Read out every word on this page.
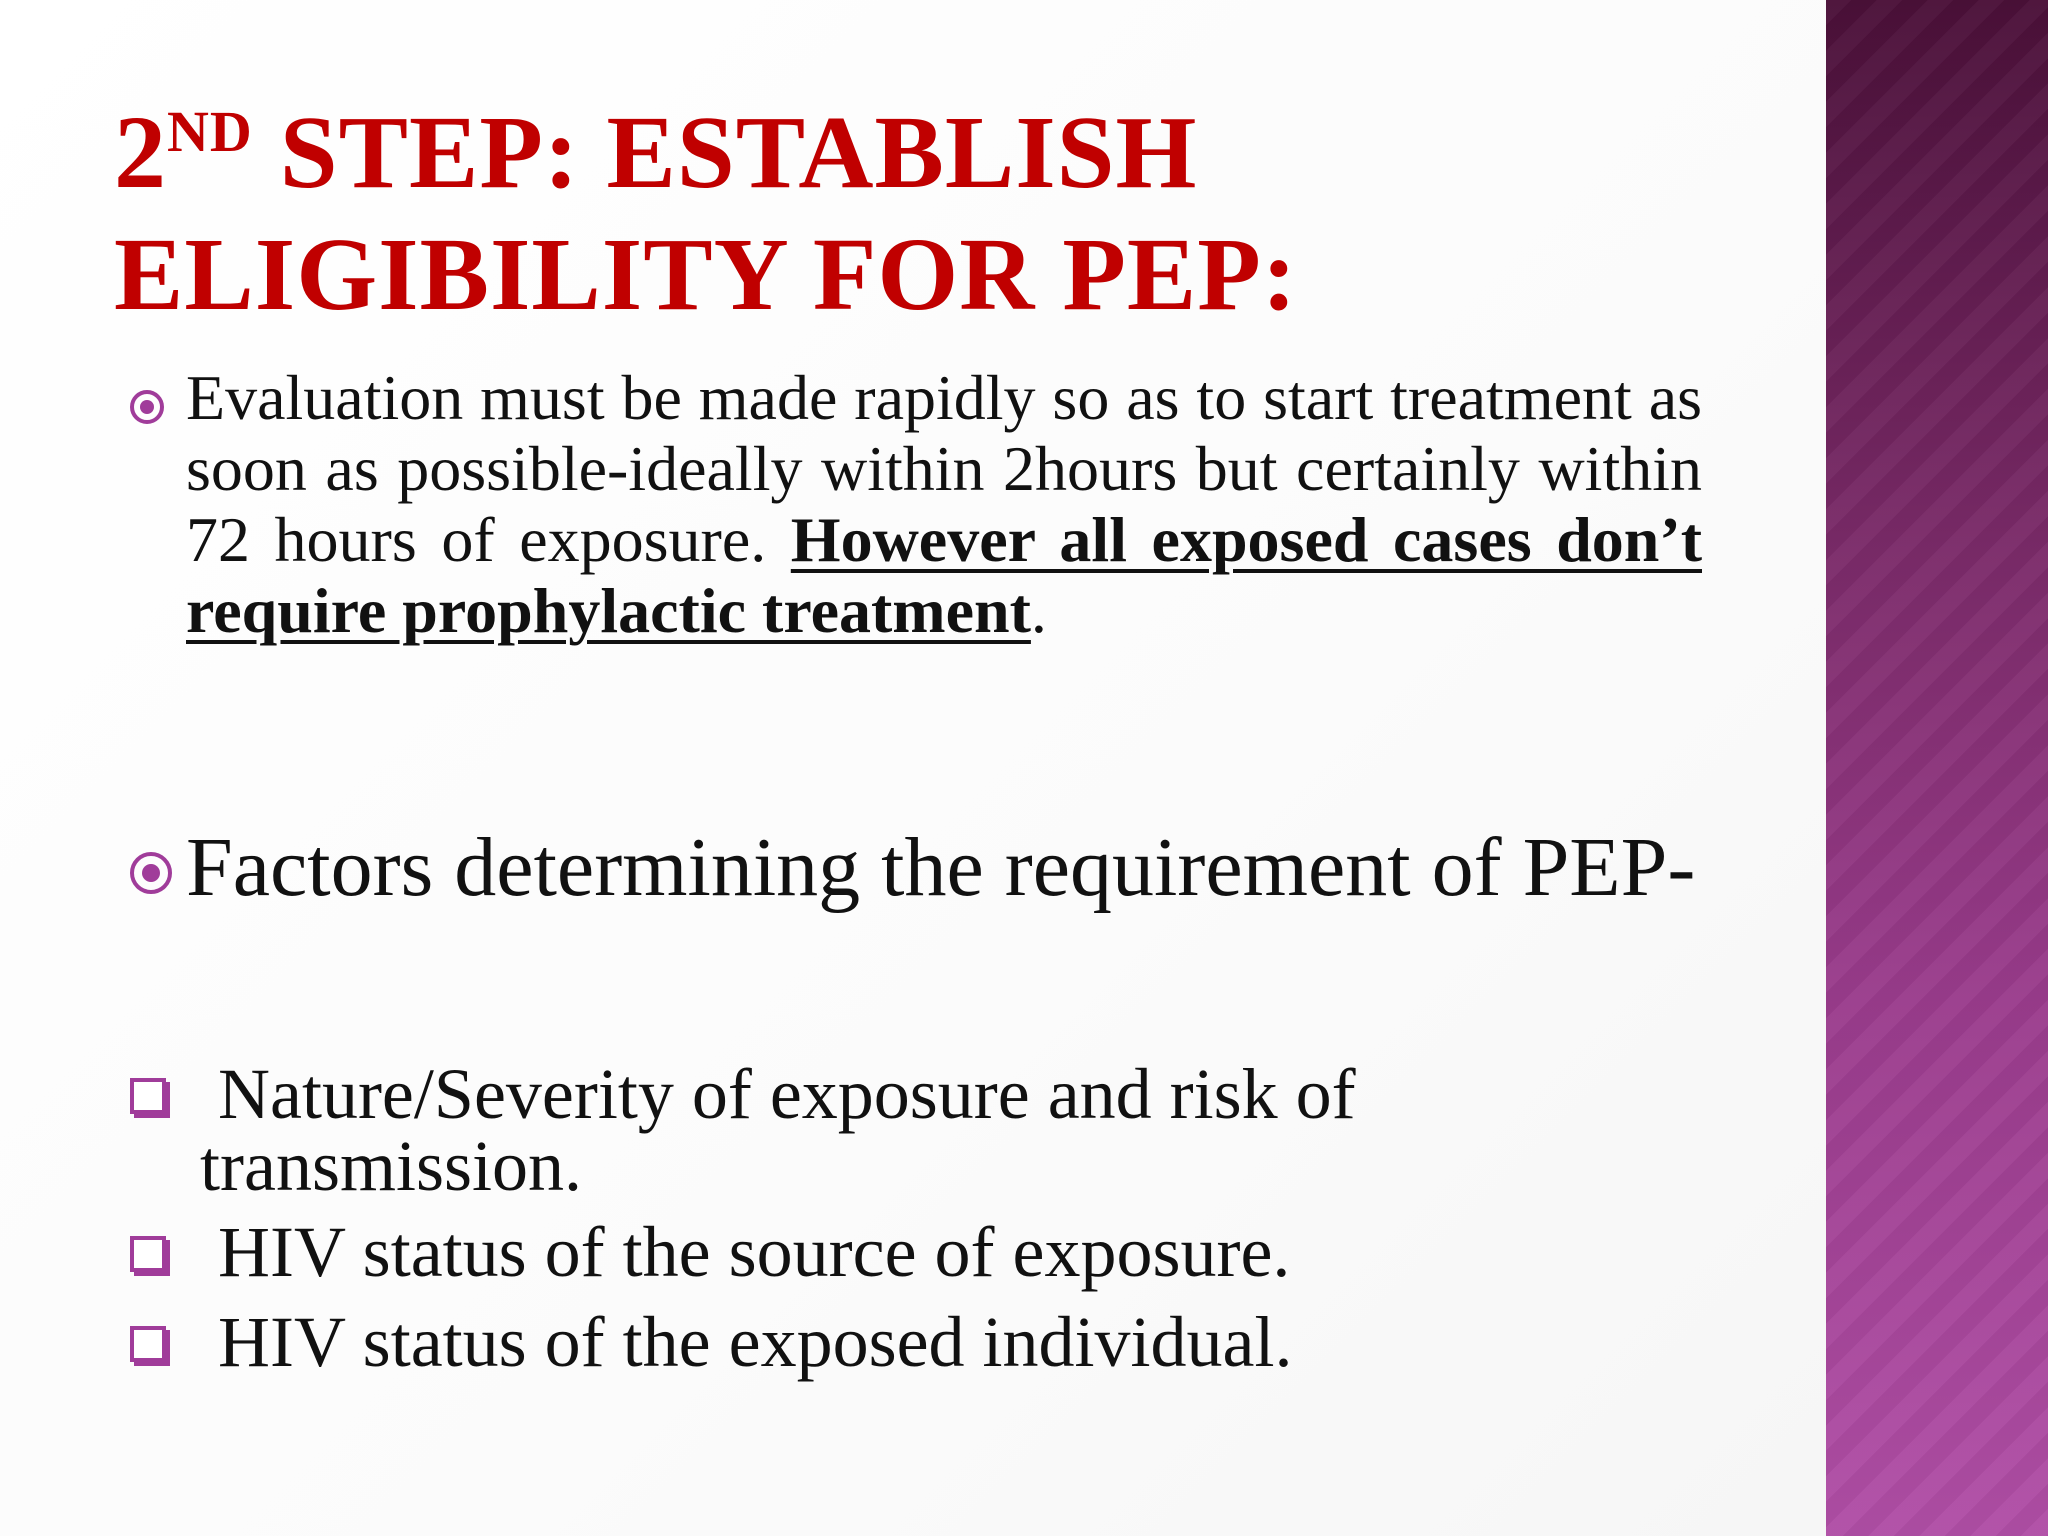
2ND STEP: ESTABLISH
ELIGIBILITY FOR PEP:

Evaluation must be made rapidly so as to start treatment as soon as possible-ideally within 2hours but certainly within 72 hours of exposure. However all exposed cases don’t require prophylactic treatment.

Factors determining the requirement of PEP-

Nature/Severity of exposure and risk of
transmission.

HIV status of the source of exposure.

HIV status of the exposed individual.
